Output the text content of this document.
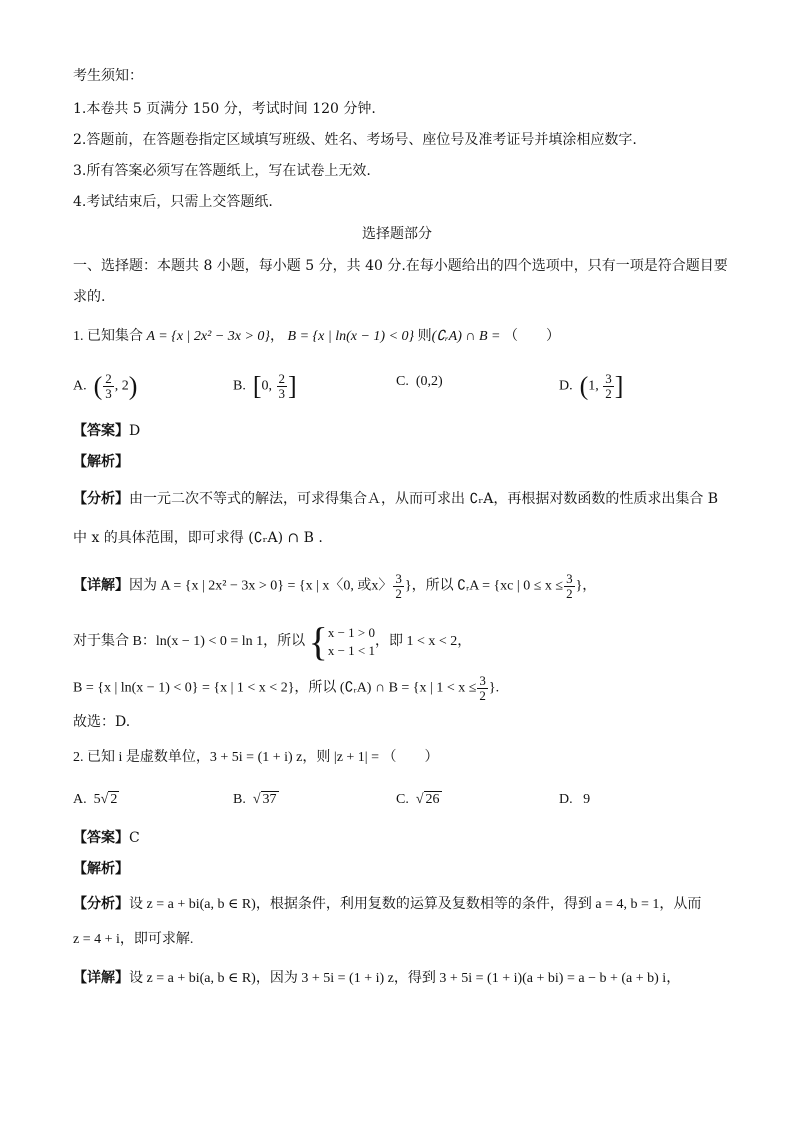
考生须知：
1.本卷共 5 页满分 150 分，考试时间 120 分钟.
2.答题前，在答题卷指定区域填写班级、姓名、考场号、座位号及准考证号并填涂相应数字.
3.所有答案必须写在答题纸上，写在试卷上无效.
4.考试结束后，只需上交答题纸.
选择题部分
一、选择题：本题共 8 小题，每小题 5 分，共 40 分.在每小题给出的四个选项中，只有一项是符合题目要
求的.
1. 已知集合 A = {x | 2x² − 3x > 0}， B = {x | ln(x − 1) < 0} 则(∁ᵣA) ∩ B = （　　）
A. ( $\frac{2}{3}$ , 2)	B. [0, $\frac{2}{3}$ ]	C. (0,2)	D. (1, $\frac{3}{2}$ ]
【答案】D
【解析】
【分析】由一元二次不等式的解法，可求得集合Ａ，从而可求出 ∁ᵣA，再根据对数函数的性质求出集合 B
中 x 的具体范围，即可求得 (∁ᵣA) ∩ B .
【详解】因为 A = {x | 2x² − 3x > 0} = {x | x〈0, 或x〉 $\frac{3}{2}$ }，所以 ∁ᵣA = {xc | $0 \le x \le \frac{3}{2}$ }，
对于集合 B：ln(x − 1) < 0 = ln 1，所以 { x − 1 > 0
x − 1 < 1
，即 1 < x < 2，
B = {x | ln(x − 1) < 0} = {x | 1 < x < 2}，所以 (∁ᵣA) ∩ B = {x | $1 < x \le \frac{3}{2}$ }.
故选：D.
2. 已知 i 是虚数单位，3 + 5i = (1 + i) z，则 |z + 1| = （　　）
A. 5√ 2	B.  √ 37	C.  √ 26	D. 9
【答案】C
【解析】
【分析】设 z = a + bi(a, b ∈ R)，根据条件，利用复数的运算及复数相等的条件，得到 a = 4, b = 1，从而
z = 4 + i，即可求解.
【详解】设 z = a + bi(a, b ∈ R)，因为 3 + 5i = (1 + i) z，得到 3 + 5i = (1 + i)(a + bi) = a − b + (a + b) i，
